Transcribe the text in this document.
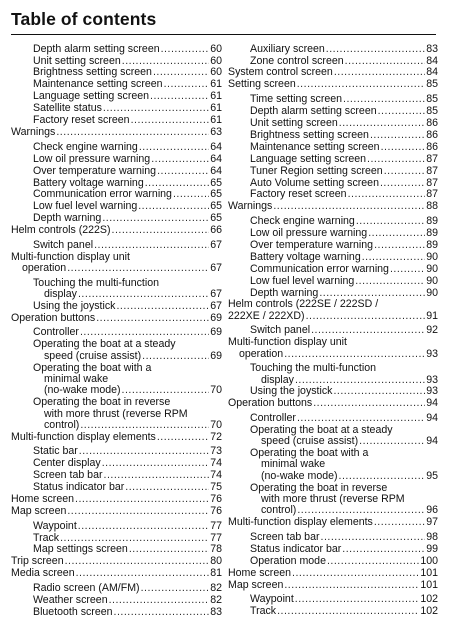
Table of contents
Depth alarm setting screen .....	60
Unit setting screen .....	60
Brightness setting screen .....	60
Maintenance setting screen .....	61
Language setting screen .....	61
Satellite status .....	61
Factory reset screen .....	61
Warnings .....	63
Check engine warning .....	64
Low oil pressure warning .....	64
Over temperature warning .....	64
Battery voltage warning .....	65
Communication error warning .....	65
Low fuel level warning .....	65
Depth warning .....	65
Helm controls (222S) .....	66
Switch panel .....	67
Multi-function display unit
operation .....	67
Touching the multi-function
display .....	67
Using the joystick .....	67
Operation buttons .....	69
Controller .....	69
Operating the boat at a steady
speed (cruise assist) .....	69
Operating the boat with a
minimal wake
(no-wake mode) .....	70
Operating the boat in reverse
with more thrust (reverse RPM
control) .....	70
Multi-function display elements .....	72
Static bar .....	73
Center display .....	74
Screen tab bar .....	74
Status indicator bar .....	75
Home screen .....	76
Map screen .....	76
Waypoint .....	77
Track .....	77
Map settings screen .....	78
Trip screen .....	80
Media screen .....	81
Radio screen (AM/FM) .....	82
Weather screen .....	82
Bluetooth screen .....	83
Auxiliary screen .....	83
Zone control screen .....	84
System control screen .....	84
Setting screen .....	85
Time setting screen .....	85
Depth alarm setting screen .....	85
Unit setting screen .....	86
Brightness setting screen .....	86
Maintenance setting screen .....	86
Language setting screen .....	87
Tuner Region setting screen .....	87
Auto Volume setting screen .....	87
Factory reset screen .....	87
Warnings .....	88
Check engine warning .....	89
Low oil pressure warning .....	89
Over temperature warning .....	89
Battery voltage warning .....	90
Communication error warning .....	90
Low fuel level warning .....	90
Depth warning .....	90
Helm controls (222SE / 222SD /
222XE / 222XD) .....	91
Switch panel .....	92
Multi-function display unit
operation .....	93
Touching the multi-function
display .....	93
Using the joystick .....	93
Operation buttons .....	94
Controller .....	94
Operating the boat at a steady
speed (cruise assist) .....	94
Operating the boat with a
minimal wake
(no-wake mode) .....	95
Operating the boat in reverse
with more thrust (reverse RPM
control) .....	96
Multi-function display elements .....	97
Screen tab bar .....	98
Status indicator bar .....	99
Operation mode .....	100
Home screen .....	101
Map screen .....	101
Waypoint .....	102
Track .....	102
